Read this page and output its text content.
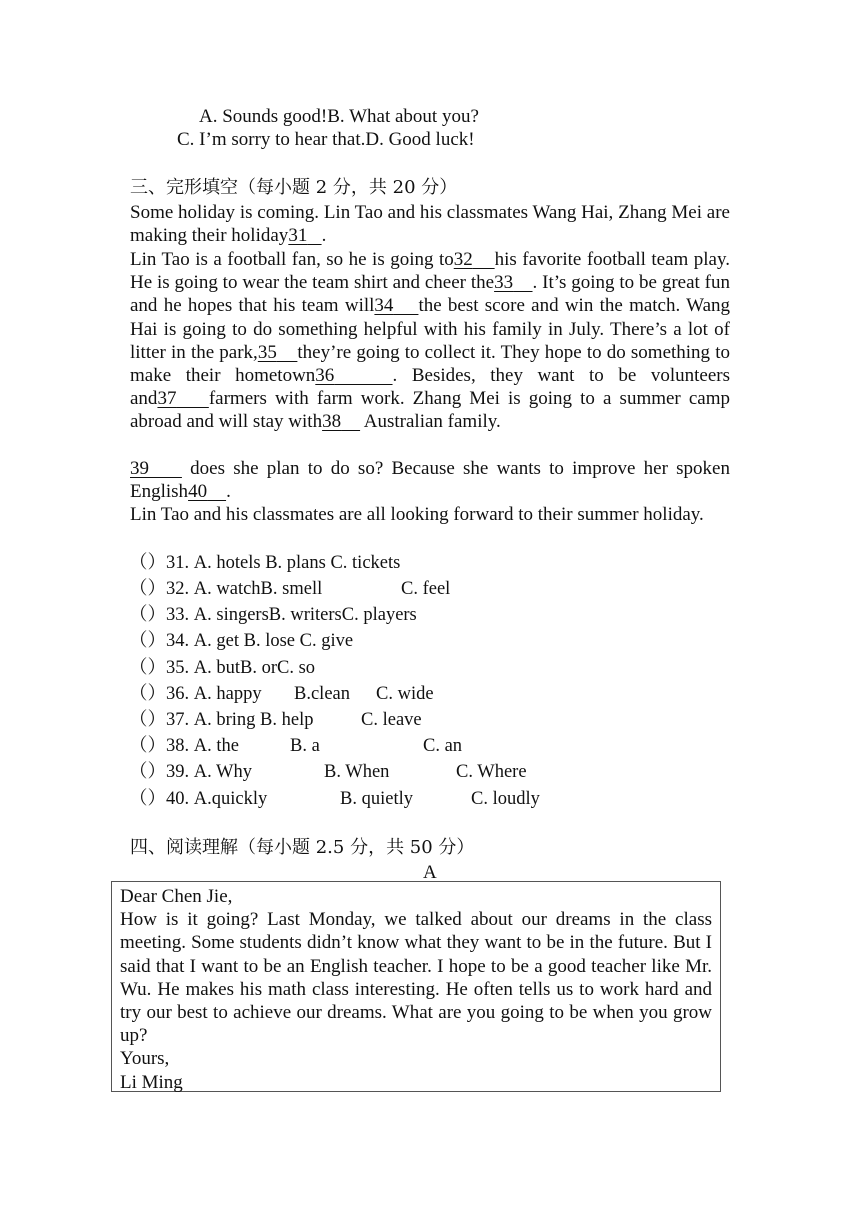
A. Sounds good!B. What about you?
C. I’m sorry to hear that.D. Good luck!
三、完形填空（每小题 2 分，共 20 分）
Some holiday is coming. Lin Tao and his classmates Wang Hai, Zhang Mei are making their holiday31 .
Lin Tao is a football fan, so he is going to32 his favorite football team play. He is going to wear the team shirt and cheer the33 . It’s going to be great fun and he hopes that his team will34 the best score and win the match. Wang Hai is going to do something helpful with his family in July. There’s a lot of litter in the park,35 they’re going to collect it. They hope to do something to make their hometown36	. Besides, they want to be volunteers and37 farmers with farm work. Zhang Mei is going to a summer camp abroad and will stay with38     Australian family.
39     does she plan to do so? Because she wants to improve her spoken English40 .
Lin Tao and his classmates are all looking forward to their summer holiday.
（）31. A. hotels B. plans C. tickets
（）32. A. watchB. smell	C. feel
（）33. A. singersB. writersC. players
（）34. A. get B. lose C. give
（）35. A. butB. orC. so
（）36. A. happy B.clean C. wide
（）37. A. bring B. help	C. leave
（）38. A. the	B. a	C. an
（）39. A. Why	B. When	C. Where
（）40. A.quickly	B. quietly	C. loudly
四、阅读理解（每小题 2.5 分，共 50 分）
A
Dear Chen Jie,
How is it going? Last Monday, we talked about our dreams in the class meeting. Some students didn’t know what they want to be in the future. But I said that I want to be an English teacher. I hope to be a good teacher like Mr. Wu. He makes his math class interesting. He often tells us to work hard and try our best to achieve our dreams. What are you going to be when you grow up?
Yours,
Li Ming
